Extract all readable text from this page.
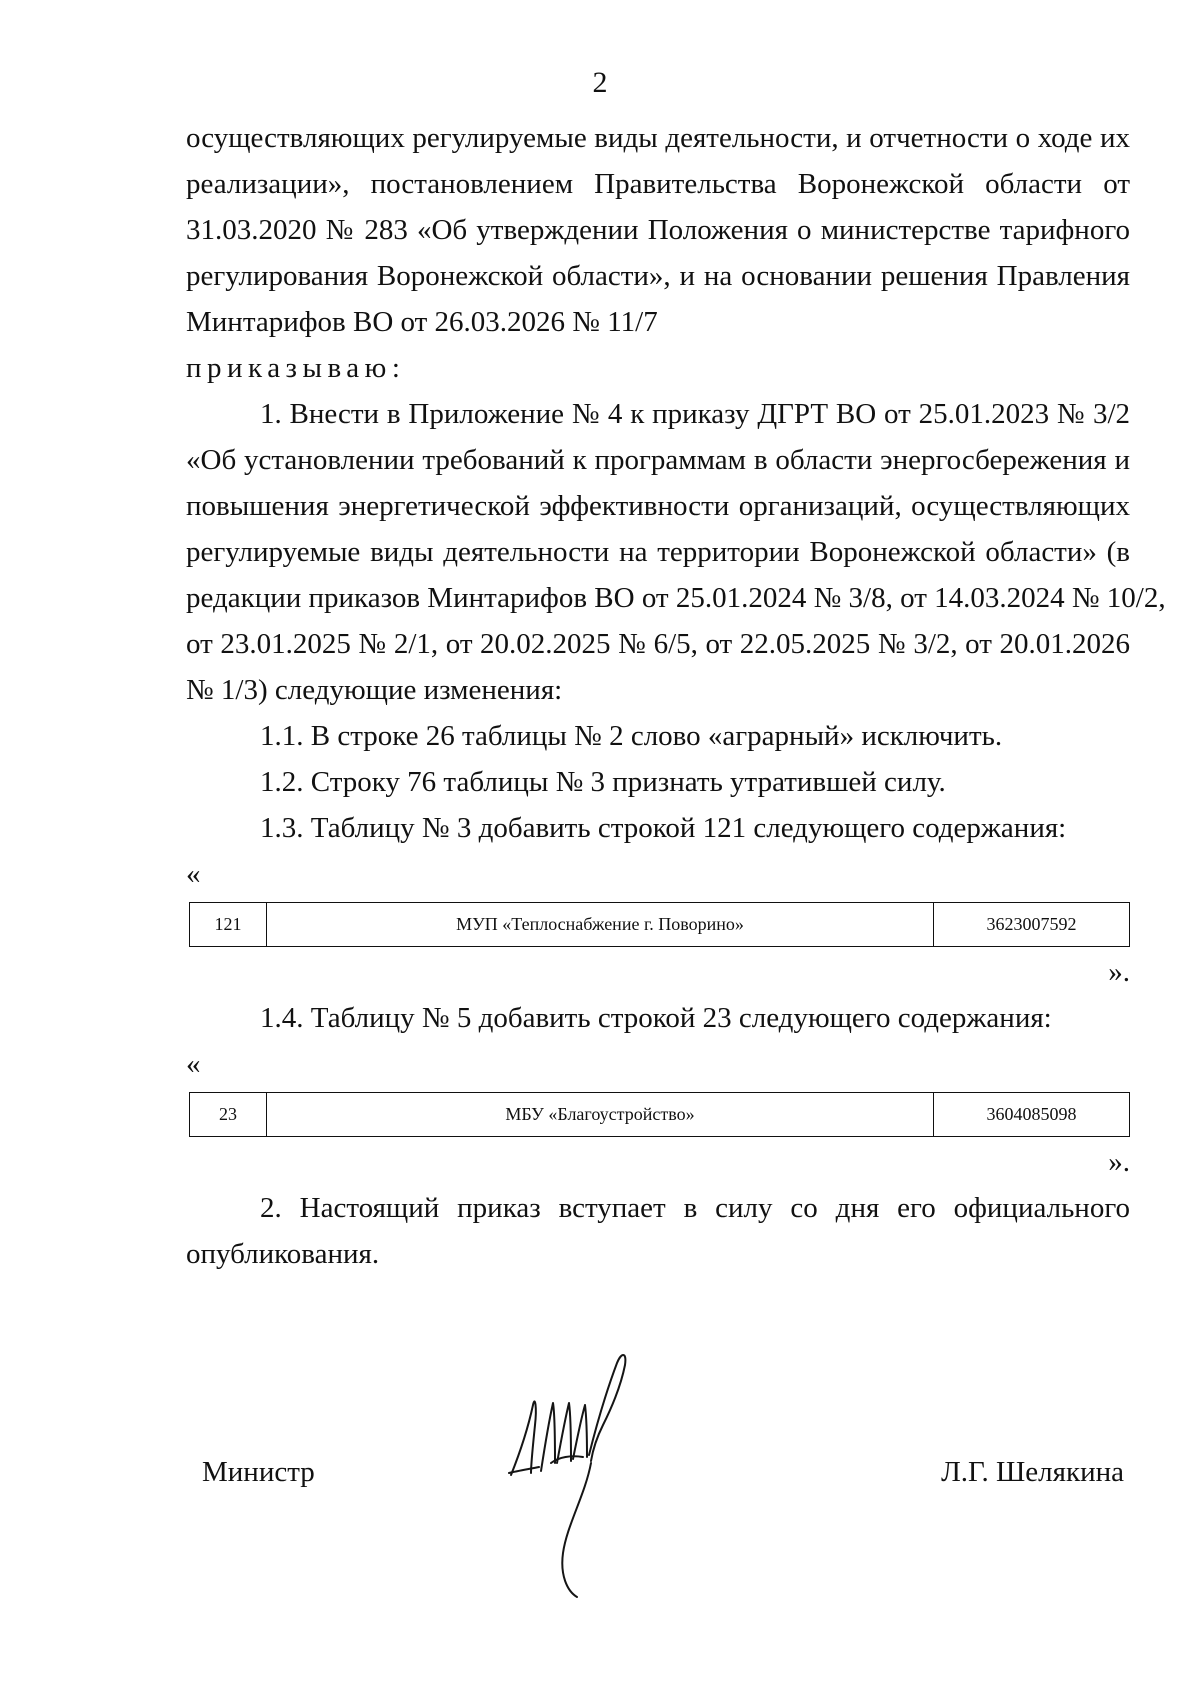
2
осуществляющих регулируемые виды деятельности, и отчетности о ходе их
реализации», постановлением Правительства Воронежской области от
31.03.2020 № 283 «Об утверждении Положения о министерстве тарифного
регулирования Воронежской области», и на основании решения Правления
Минтарифов ВО от 26.03.2026 № 11/7
приказываю:
1. Внести в Приложение № 4 к приказу ДГРТ ВО от 25.01.2023 № 3/2
«Об установлении требований к программам в области энергосбережения и
повышения энергетической эффективности организаций, осуществляющих
регулируемые виды деятельности на территории Воронежской области» (в
редакции приказов Минтарифов ВО от 25.01.2024 № 3/8, от 14.03.2024 № 10/2,
от 23.01.2025 № 2/1, от 20.02.2025 № 6/5, от 22.05.2025 № 3/2, от 20.01.2026
№ 1/3) следующие изменения:
1.1. В строке 26 таблицы № 2 слово «аграрный» исключить.
1.2. Строку 76 таблицы № 3 признать утратившей силу.
1.3. Таблицу № 3 добавить строкой 121 следующего содержания:
«
121	МУП «Теплоснабжение г. Поворино»	3623007592
».
1.4. Таблицу № 5 добавить строкой 23 следующего содержания:
«
23	МБУ «Благоустройство»	3604085098
».
2. Настоящий приказ вступает в силу со дня его официального
опубликования.
Министр	Л.Г. Шелякина
